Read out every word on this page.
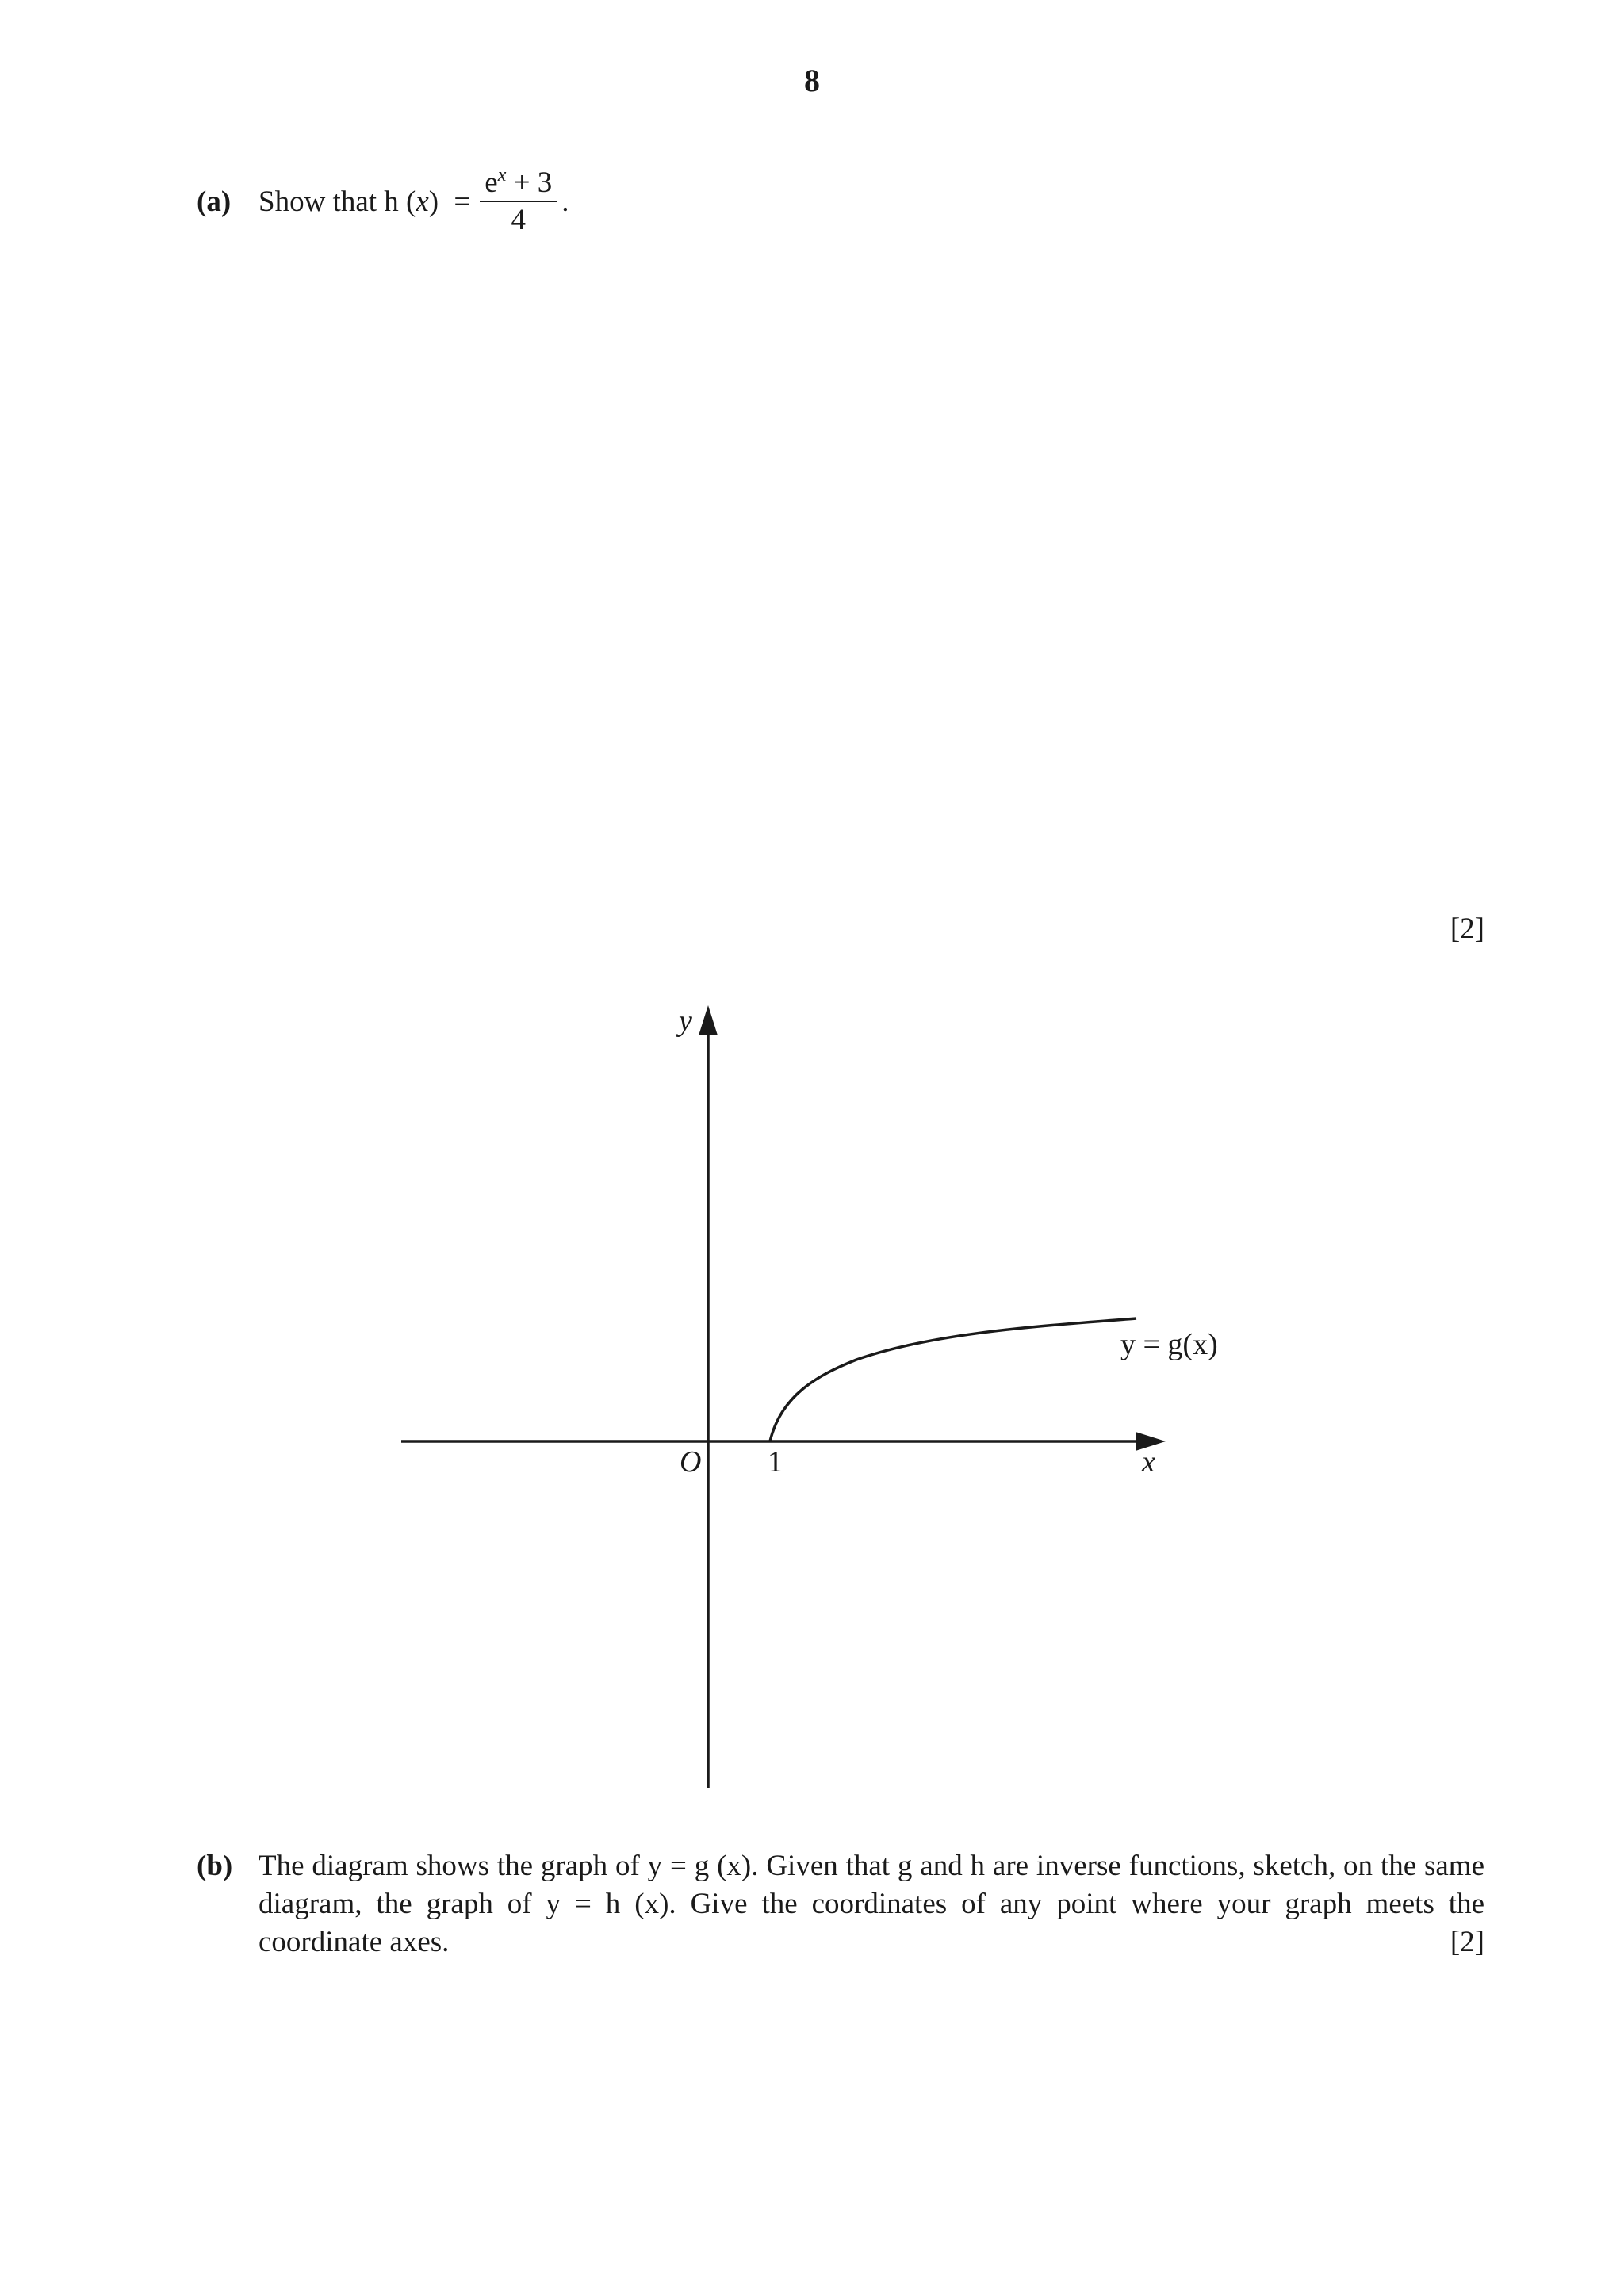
8
(a) Show that h $(x) = \frac{e^x + 3}{4}$ .
[2]
y
x
O 1
y = g(x)
(b) The diagram shows the graph of y = g (x). Given that g and h are inverse functions, sketch, on the same diagram, the graph of y = h (x). Give the coordinates of any point where your graph meets the coordinate axes.	[2]
